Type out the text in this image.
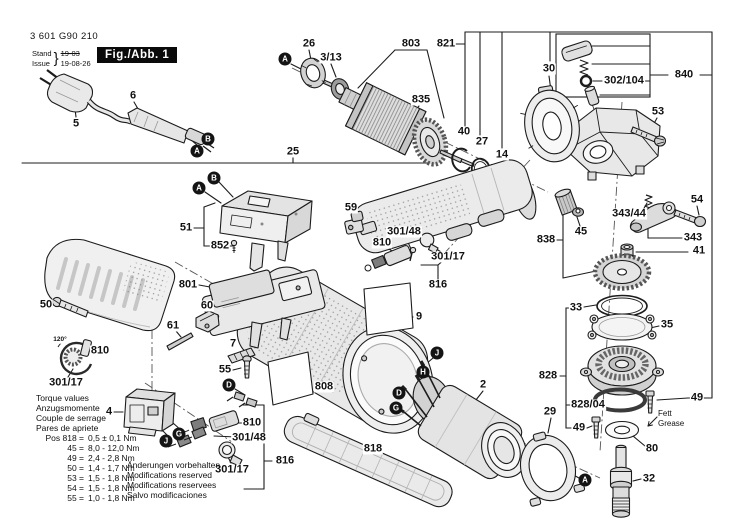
3 601 G90 210
Stand
Issue } 19-03
19-08-26
Fig./Abb. 1
5
6
26
3/13
803 821
835
30
302/104	840
53
40
27
14
25
51
852
59
301/48
810
301/17
816
838
45
343/44
54
343
41
801
60
61
7
55
9
808
50
120°
810
301/17
4
810
301/48
301/17
816
818
2
828
828/04
29
33
35
49
49
80
32
A
B
A
A
B
D
J
H
D
G
J
G
A
Torque values
Anzugsmomente
Couple de serrage
Pares de apriete
Pos 818 = 0,5 ± 0,1 Nm
45 = 8,0 - 12,0 Nm
49 = 2,4 - 2,8 Nm
50 = 1,4 - 1,7 Nm
53 = 1,5 - 1,8 Nm
54 = 1,5 - 1,8 Nm
55 = 1,0 - 1,8 Nm
Änderungen vorbehalten
Modifications reserved
Modifications reservees
Salvo modificaciones
Fett
Grease
